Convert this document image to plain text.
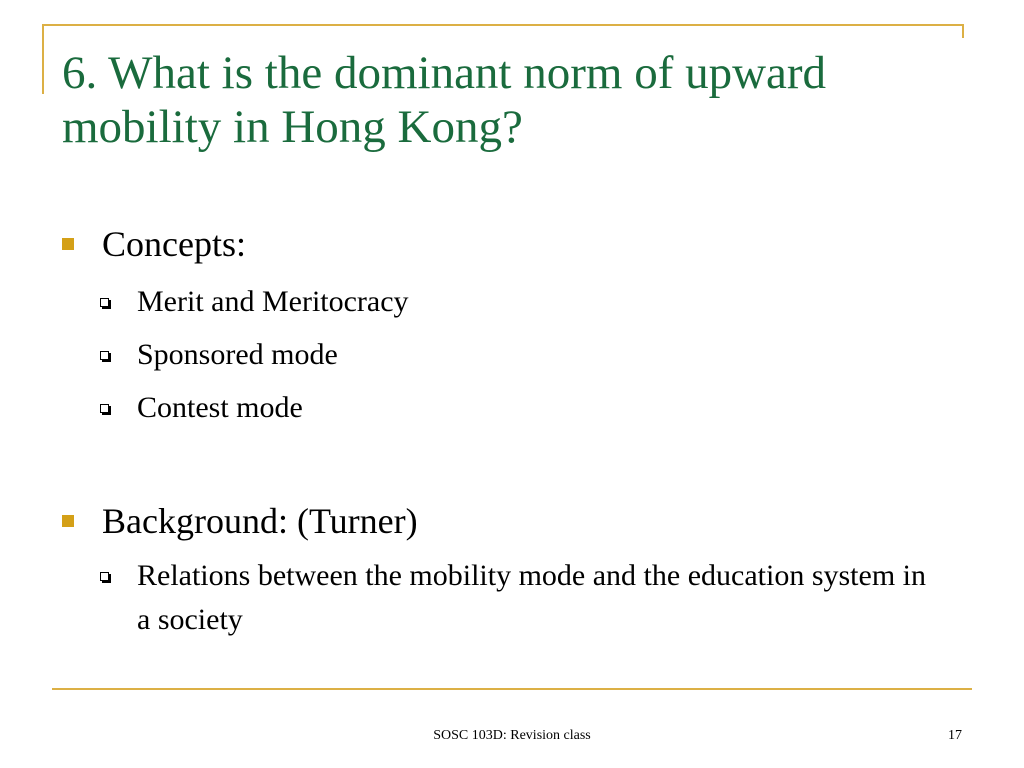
6. What is the dominant norm of upward mobility in Hong Kong?
Concepts:
Merit and Meritocracy
Sponsored mode
Contest mode
Background: (Turner)
Relations between the mobility mode and the education system in a society
SOSC 103D: Revision class	17
